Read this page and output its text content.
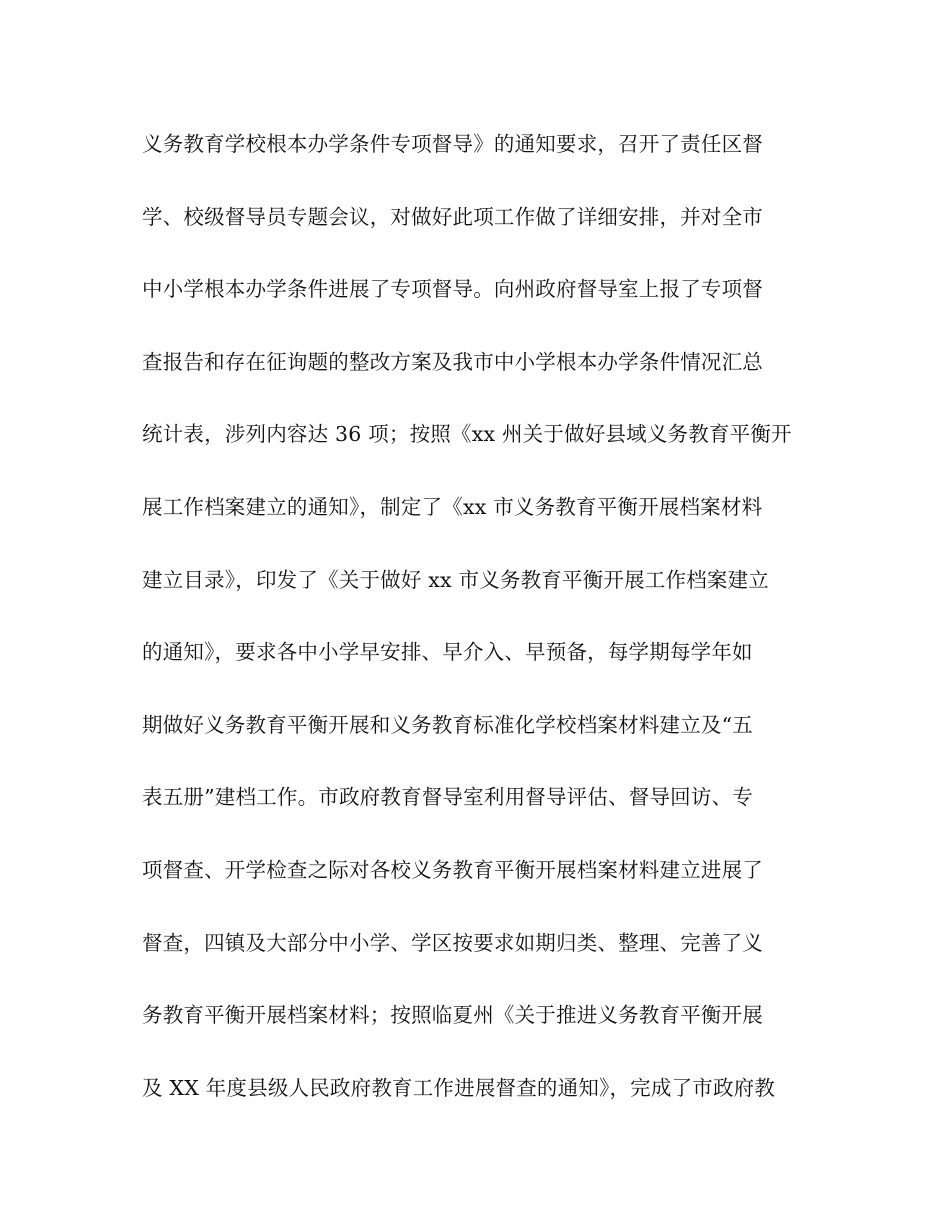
义务教育学校根本办学条件专项督导》的通知要求，召开了责任区督
学、校级督导员专题会议，对做好此项工作做了详细安排，并对全市
中小学根本办学条件进展了专项督导。向州政府督导室上报了专项督
查报告和存在征询题的整改方案及我市中小学根本办学条件情况汇总
统计表，涉列内容达 36 项；按照《xx 州关于做好县域义务教育平衡开
展工作档案建立的通知》，制定了《xx 市义务教育平衡开展档案材料
建立目录》，印发了《关于做好 xx 市义务教育平衡开展工作档案建立
的通知》，要求各中小学早安排、早介入、早预备，每学期每学年如
期做好义务教育平衡开展和义务教育标准化学校档案材料建立及“五
表五册”建档工作。市政府教育督导室利用督导评估、督导回访、专
项督查、开学检查之际对各校义务教育平衡开展档案材料建立进展了
督查，四镇及大部分中小学、学区按要求如期归类、整理、完善了义
务教育平衡开展档案材料；按照临夏州《关于推进义务教育平衡开展
及 XX 年度县级人民政府教育工作进展督查的通知》，完成了市政府教
